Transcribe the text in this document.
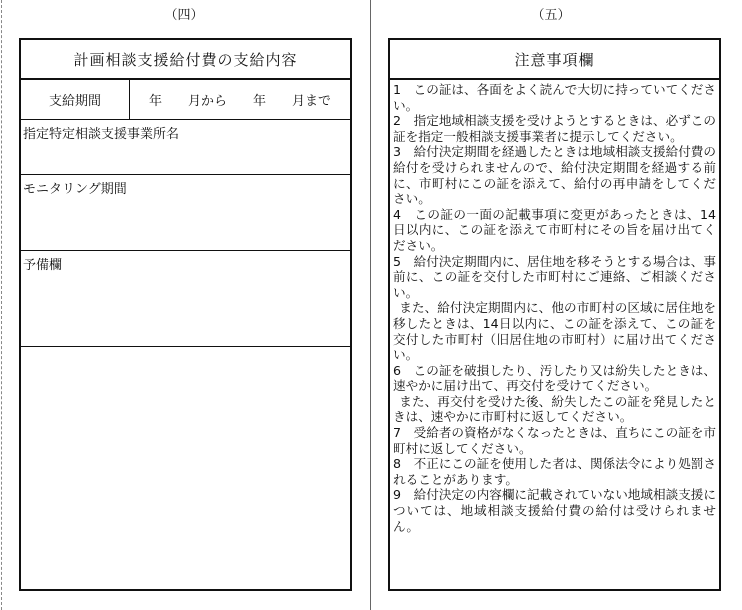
（四）	（五）
計画相談支援給付費の支給内容
支給期間	年 月から 年 月まで
指定特定相談支援事業所名
モニタリング期間
予備欄
注意事項欄

1　この証は、各面をよく読んで大切に持っていてください。

2　指定地域相談支援を受けようとするときは、必ずこの証を指定一般相談支援事業者に提示してください。

3　給付決定期間を経過したときは地域相談支援給付費の給付を受けられませんので、給付決定期間を経過する前に、市町村にこの証を添えて、給付の再申請をしてください。

4　この証の一面の記載事項に変更があったときは、14日以内に、この証を添えて市町村にその旨を届け出てください。

5　給付決定期間内に、居住地を移そうとする場合は、事前に、この証を交付した市町村にご連絡、ご相談ください。

また、給付決定期間内に、他の市町村の区域に居住地を移したときは、14日以内に、この証を添えて、この証を交付した市町村（旧居住地の市町村）に届け出てください。

6　この証を破損したり、汚したり又は紛失したときは、速やかに届け出て、再交付を受けてください。

また、再交付を受けた後、紛失したこの証を発見したときは、速やかに市町村に返してください。

7　受給者の資格がなくなったときは、直ちにこの証を市町村に返してください。

8　不正にこの証を使用した者は、関係法令により処罰されることがあります。

9　給付決定の内容欄に記載されていない地域相談支援については、地域相談支援給付費の給付は受けられません。
